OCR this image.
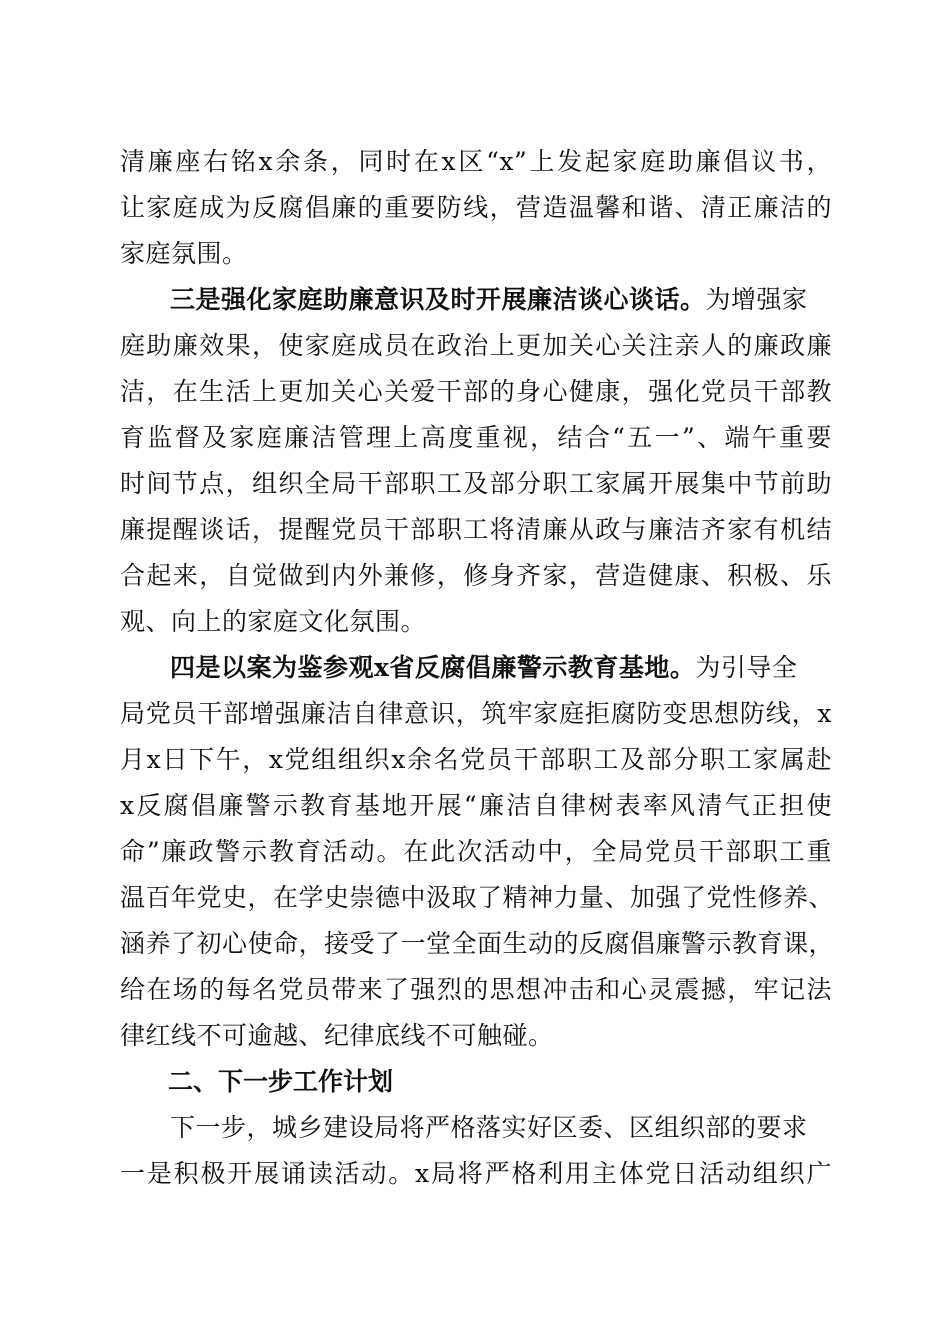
清廉座右铭x余条，同时在x区“x”上发起家庭助廉倡议书，
让家庭成为反腐倡廉的重要防线，营造温馨和谐、清正廉洁的
家庭氛围。
三是强化家庭助廉意识及时开展廉洁谈心谈话。为增强家
庭助廉效果，使家庭成员在政治上更加关心关注亲人的廉政廉
洁，在生活上更加关心关爱干部的身心健康，强化党员干部教
育监督及家庭廉洁管理上高度重视，结合“五一”、端午重要
时间节点，组织全局干部职工及部分职工家属开展集中节前助
廉提醒谈话，提醒党员干部职工将清廉从政与廉洁齐家有机结
合起来，自觉做到内外兼修，修身齐家，营造健康、积极、乐
观、向上的家庭文化氛围。
四是以案为鉴参观x省反腐倡廉警示教育基地。为引导全
局党员干部增强廉洁自律意识，筑牢家庭拒腐防变思想防线，x
月x日下午，x党组组织x余名党员干部职工及部分职工家属赴
x反腐倡廉警示教育基地开展“廉洁自律树表率风清气正担使
命”廉政警示教育活动。在此次活动中，全局党员干部职工重
温百年党史，在学史崇德中汲取了精神力量、加强了党性修养、
涵养了初心使命，接受了一堂全面生动的反腐倡廉警示教育课，
给在场的每名党员带来了强烈的思想冲击和心灵震撼，牢记法
律红线不可逾越、纪律底线不可触碰。
二、下一步工作计划
下一步，城乡建设局将严格落实好区委、区组织部的要求
一是积极开展诵读活动。x局将严格利用主体党日活动组织广
